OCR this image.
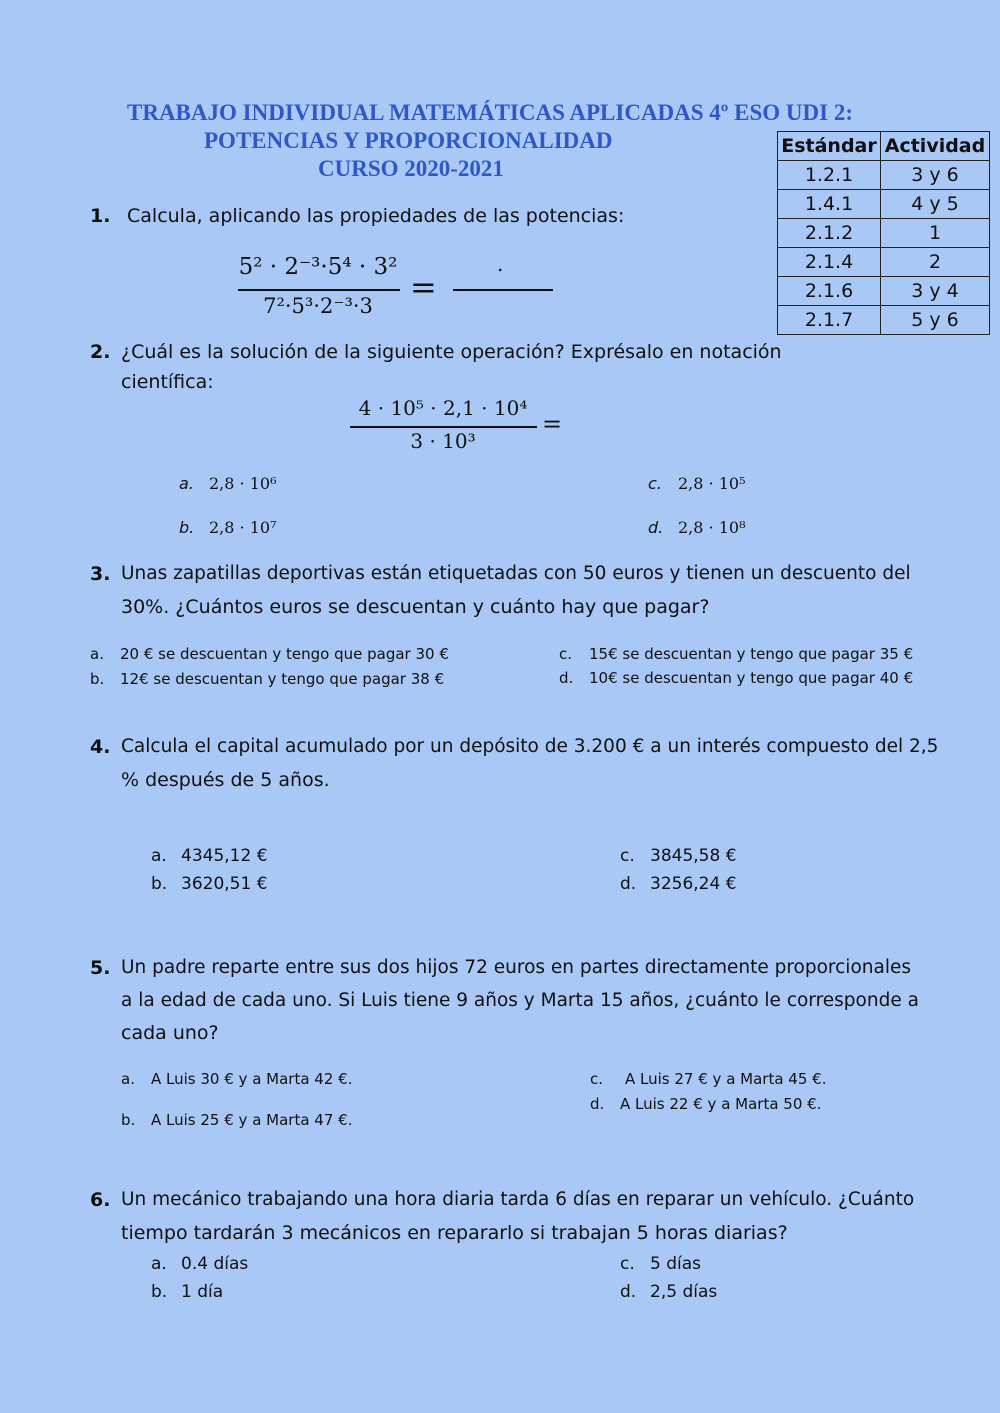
TRABAJO INDIVIDUAL MATEMÁTICAS APLICADAS 4º ESO UDI 2:
POTENCIAS Y PROPORCIONALIDAD
CURSO 2020-2021
Estándar	Actividad
1.2.1	3 y 6
1.4.1	4 y 5
2.1.2	1
2.1.4	2
2.1.6	3 y 4
2.1.7	5 y 6
1. Calcula, aplicando las propiedades de las potencias:
5² · 2⁻³·5⁴ · 3²
7²·5³·2⁻³·3	=
.
2. ¿Cuál es la solución de la siguiente operación? Exprésalo en notación
científica:
4 · 10⁵ · 2,1 · 10⁴
3 · 10³
=
a. 2,8 · 10⁶
b. 2,8 · 10⁷
c. 2,8 · 10⁵
d. 2,8 · 10⁸
3. Unas zapatillas deportivas están etiquetadas con 50 euros y tienen un descuento del
30%. ¿Cuántos euros se descuentan y cuánto hay que pagar?
a. 20 € se descuentan y tengo que pagar 30 €
b. 12€ se descuentan y tengo que pagar 38 €
c. 15€ se descuentan y tengo que pagar 35 €
d. 10€ se descuentan y tengo que pagar 40 €
4. Calcula el capital acumulado por un depósito de 3.200 € a un interés compuesto del 2,5
% después de 5 años.
a. 4345,12 €
b. 3620,51 €
c. 3845,58 €
d. 3256,24 €
5. Un padre reparte entre sus dos hijos 72 euros en partes directamente proporcionales
a la edad de cada uno. Si Luis tiene 9 años y Marta 15 años, ¿cuánto le corresponde a
cada uno?
a. A Luis 30 € y a Marta 42 €.
b. A Luis 25 € y a Marta 47 €.
c. A Luis 27 € y a Marta 45 €.
d. A Luis 22 € y a Marta 50 €.
6. Un mecánico trabajando una hora diaria tarda 6 días en reparar un vehículo. ¿Cuánto
tiempo tardarán 3 mecánicos en repararlo si trabajan 5 horas diarias?
a. 0.4 días
b. 1 día
c. 5 días
d. 2,5 días
